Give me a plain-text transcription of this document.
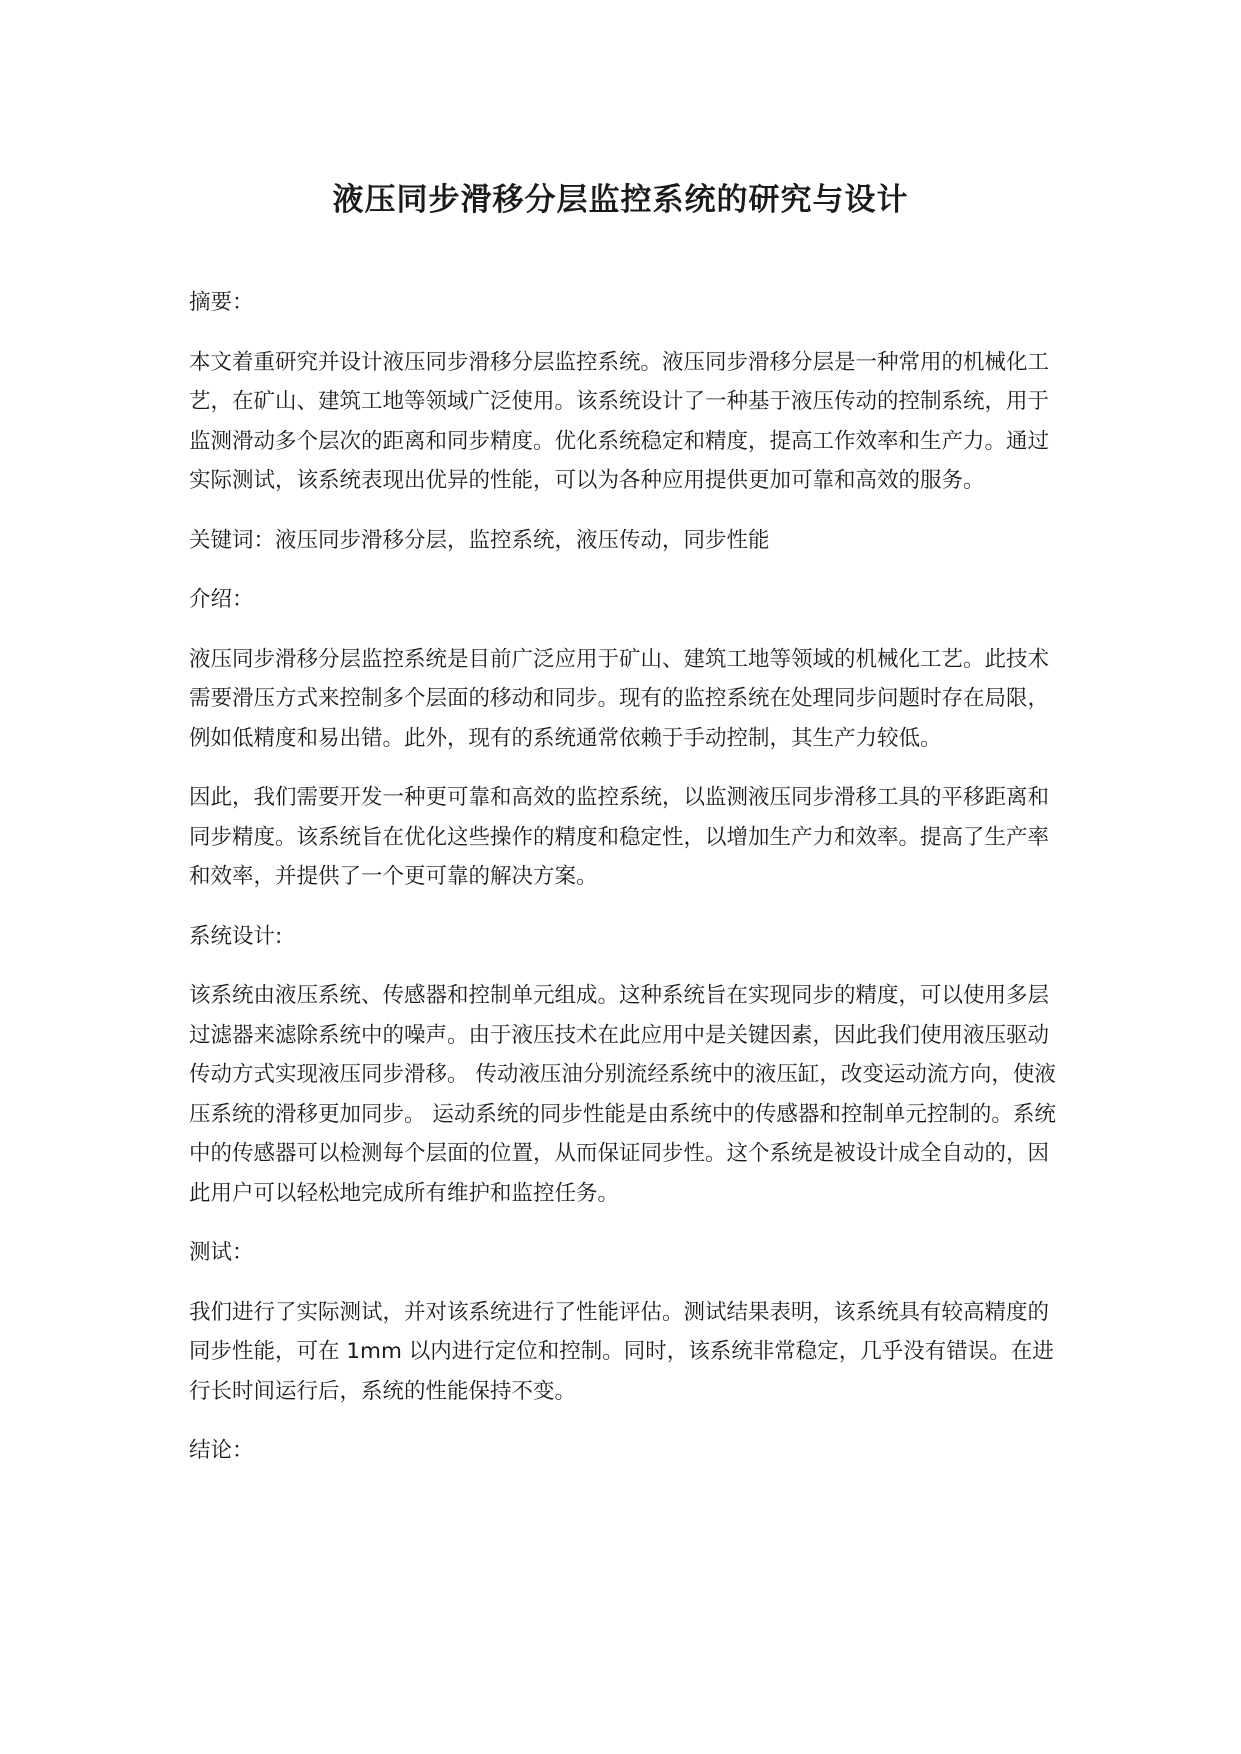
液压同步滑移分层监控系统的研究与设计

摘要：

本文着重研究并设计液压同步滑移分层监控系统。液压同步滑移分层是一种常用的机械化工艺，在矿山、建筑工地等领域广泛使用。该系统设计了一种基于液压传动的控制系统，用于监测滑动多个层次的距离和同步精度。优化系统稳定和精度，提高工作效率和生产力。通过实际测试，该系统表现出优异的性能，可以为各种应用提供更加可靠和高效的服务。

关键词：液压同步滑移分层，监控系统，液压传动，同步性能

介绍：

液压同步滑移分层监控系统是目前广泛应用于矿山、建筑工地等领域的机械化工艺。此技术需要滑压方式来控制多个层面的移动和同步。现有的监控系统在处理同步问题时存在局限，例如低精度和易出错。此外，现有的系统通常依赖于手动控制，其生产力较低。

因此，我们需要开发一种更可靠和高效的监控系统，以监测液压同步滑移工具的平移距离和同步精度。该系统旨在优化这些操作的精度和稳定性，以增加生产力和效率。提高了生产率和效率，并提供了一个更可靠的解决方案。

系统设计:

该系统由液压系统、传感器和控制单元组成。这种系统旨在实现同步的精度，可以使用多层过滤器来滤除系统中的噪声。由于液压技术在此应用中是关键因素，因此我们使用液压驱动传动方式实现液压同步滑移。 传动液压油分别流经系统中的液压缸，改变运动流方向，使液压系统的滑移更加同步。 运动系统的同步性能是由系统中的传感器和控制单元控制的。系统中的传感器可以检测每个层面的位置，从而保证同步性。这个系统是被设计成全自动的，因此用户可以轻松地完成所有维护和监控任务。

测试：

我们进行了实际测试，并对该系统进行了性能评估。测试结果表明，该系统具有较高精度的同步性能，可在 1mm 以内进行定位和控制。同时，该系统非常稳定，几乎没有错误。在进行长时间运行后，系统的性能保持不变。

结论：
